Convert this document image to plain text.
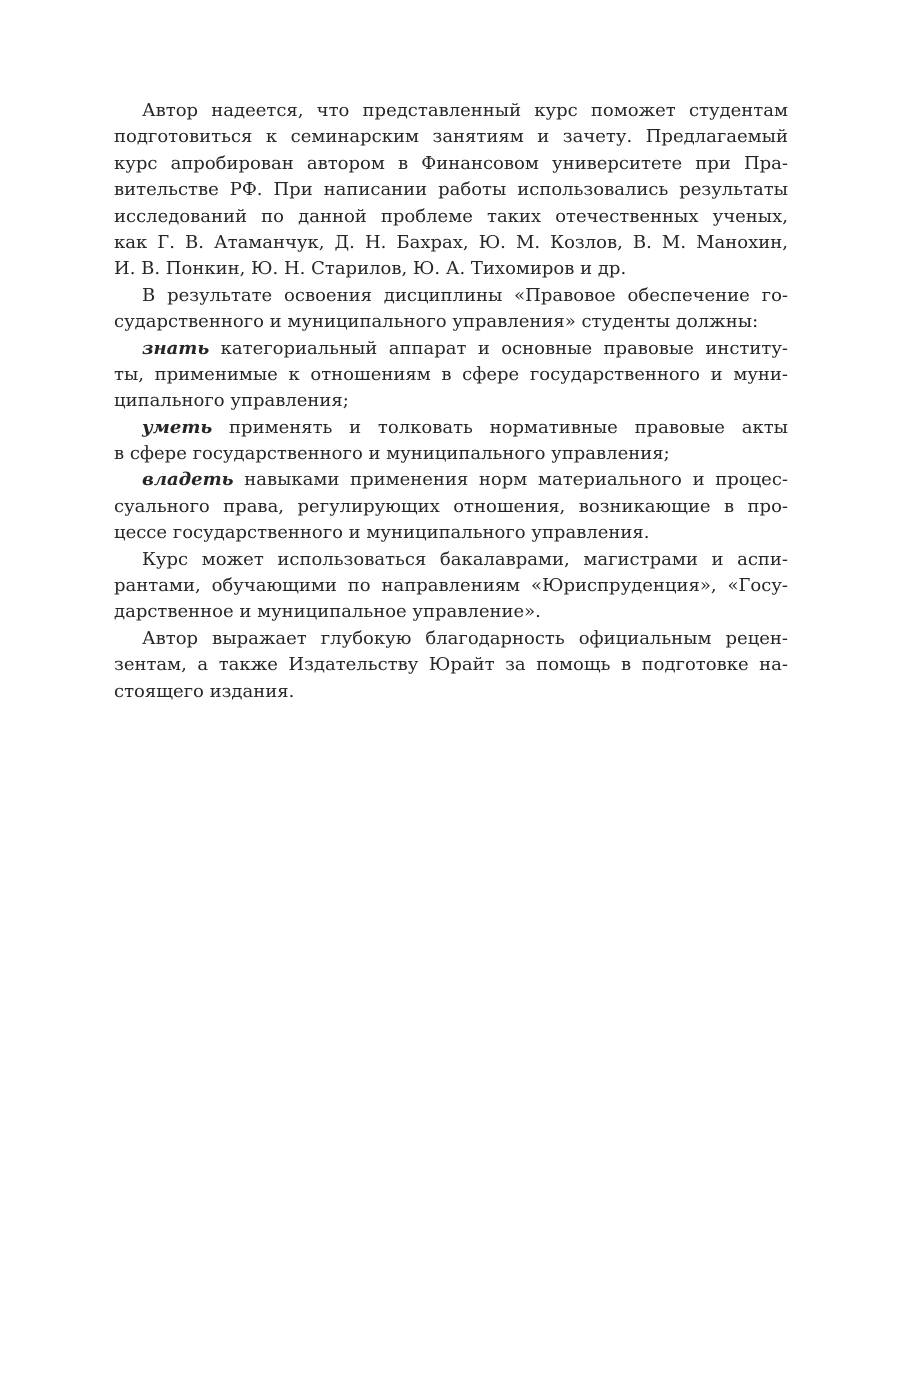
Автор надеется, что представленный курс поможет студентам
подготовиться к семинарским занятиям и зачету. Предлагаемый
курс апробирован автором в Финансовом университете при Пра-
вительстве РФ. При написании работы использовались результаты
исследований по данной проблеме таких отечественных ученых,
как Г. В. Атаманчук, Д. Н. Бахрах, Ю. М. Козлов, В. М. Манохин,
И. В. Понкин, Ю. Н. Старилов, Ю. А. Тихомиров и др.
В результате освоения дисциплины «Правовое обеспечение го-
сударственного и муниципального управления» студенты должны:
знать категориальный аппарат и основные правовые институ-
ты, применимые к отношениям в сфере государственного и муни-
ципального управления;
уметь применять и толковать нормативные правовые акты
в сфере государственного и муниципального управления;
владеть навыками применения норм материального и процес-
суального права, регулирующих отношения, возникающие в про-
цессе государственного и муниципального управления.
Курс может использоваться бакалаврами, магистрами и аспи-
рантами, обучающими по направлениям «Юриспруденция», «Госу-
дарственное и муниципальное управление».
Автор выражает глубокую благодарность официальным рецен-
зентам, а также Издательству Юрайт за помощь в подготовке на-
стоящего издания.
